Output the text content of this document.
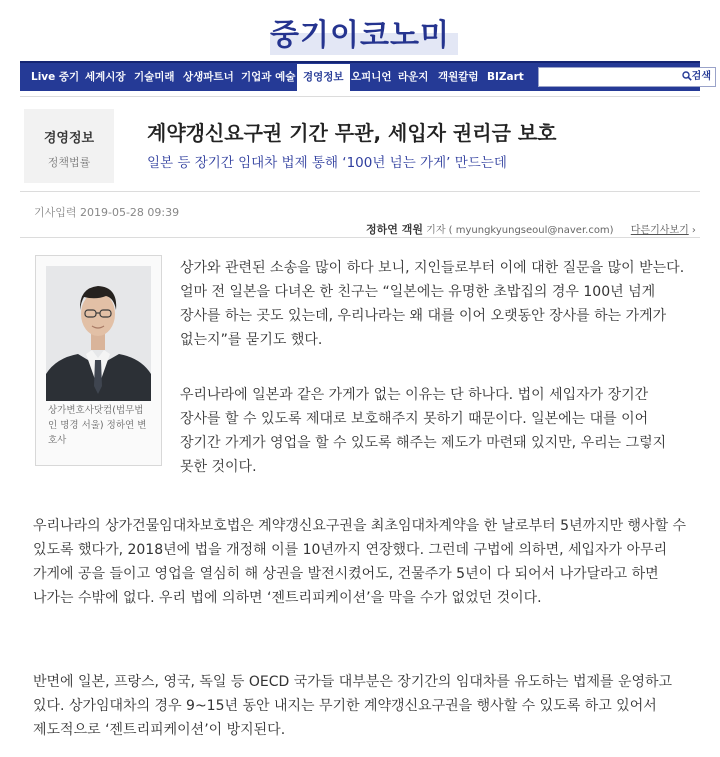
중기이코노미
Live 중기 세계시장 기술미래 상생파트너 기업과 예술 경영정보 오피니언 라운지 객원칼럼 BIZart	검색
경영정보
정책법률
계약갱신요구권 기간 무관, 세입자 권리금 보호
일본 등 장기간 임대차 법제 통해 ‘100년 넘는 가게’ 만드는데
기사입력 2019-05-28 09:39
정하연 객원 기자 ( myungkyungseoul@naver.com) 다른기사보기 ›
상가변호사닷컴(법무법인 명경 서울) 정하연 변호사

상가와 관련된 소송을 많이 하다 보니, 지인들로부터 이에 대한 질문을 많이 받는다. 얼마 전 일본을 다녀온 한 친구는 “일본에는 유명한 초밥집의 경우 100년 넘게 장사를 하는 곳도 있는데, 우리나라는 왜 대를 이어 오랫동안 장사를 하는 가게가 없는지”를 묻기도 했다.

우리나라에 일본과 같은 가게가 없는 이유는 단 하나다. 법이 세입자가 장기간 장사를 할 수 있도록 제대로 보호해주지 못하기 때문이다. 일본에는 대를 이어 장기간 가게가 영업을 할 수 있도록 해주는 제도가 마련돼 있지만, 우리는 그렇지 못한 것이다.

우리나라의 상가건물임대차보호법은 계약갱신요구권을 최초임대차계약을 한 날로부터 5년까지만 행사할 수 있도록 했다가, 2018년에 법을 개정해 이를 10년까지 연장했다. 그런데 구법에 의하면, 세입자가 아무리 가게에 공을 들이고 영업을 열심히 해 상권을 발전시켰어도, 건물주가 5년이 다 되어서 나가달라고 하면 나가는 수밖에 없다. 우리 법에 의하면 ‘젠트리피케이션’을 막을 수가 없었던 것이다.

반면에 일본, 프랑스, 영국, 독일 등 OECD 국가들 대부분은 장기간의 임대차를 유도하는 법제를 운영하고 있다. 상가임대차의 경우 9~15년 동안 내지는 무기한 계약갱신요구권을 행사할 수 있도록 하고 있어서 제도적으로 ‘젠트리피케이션’이 방지된다.
